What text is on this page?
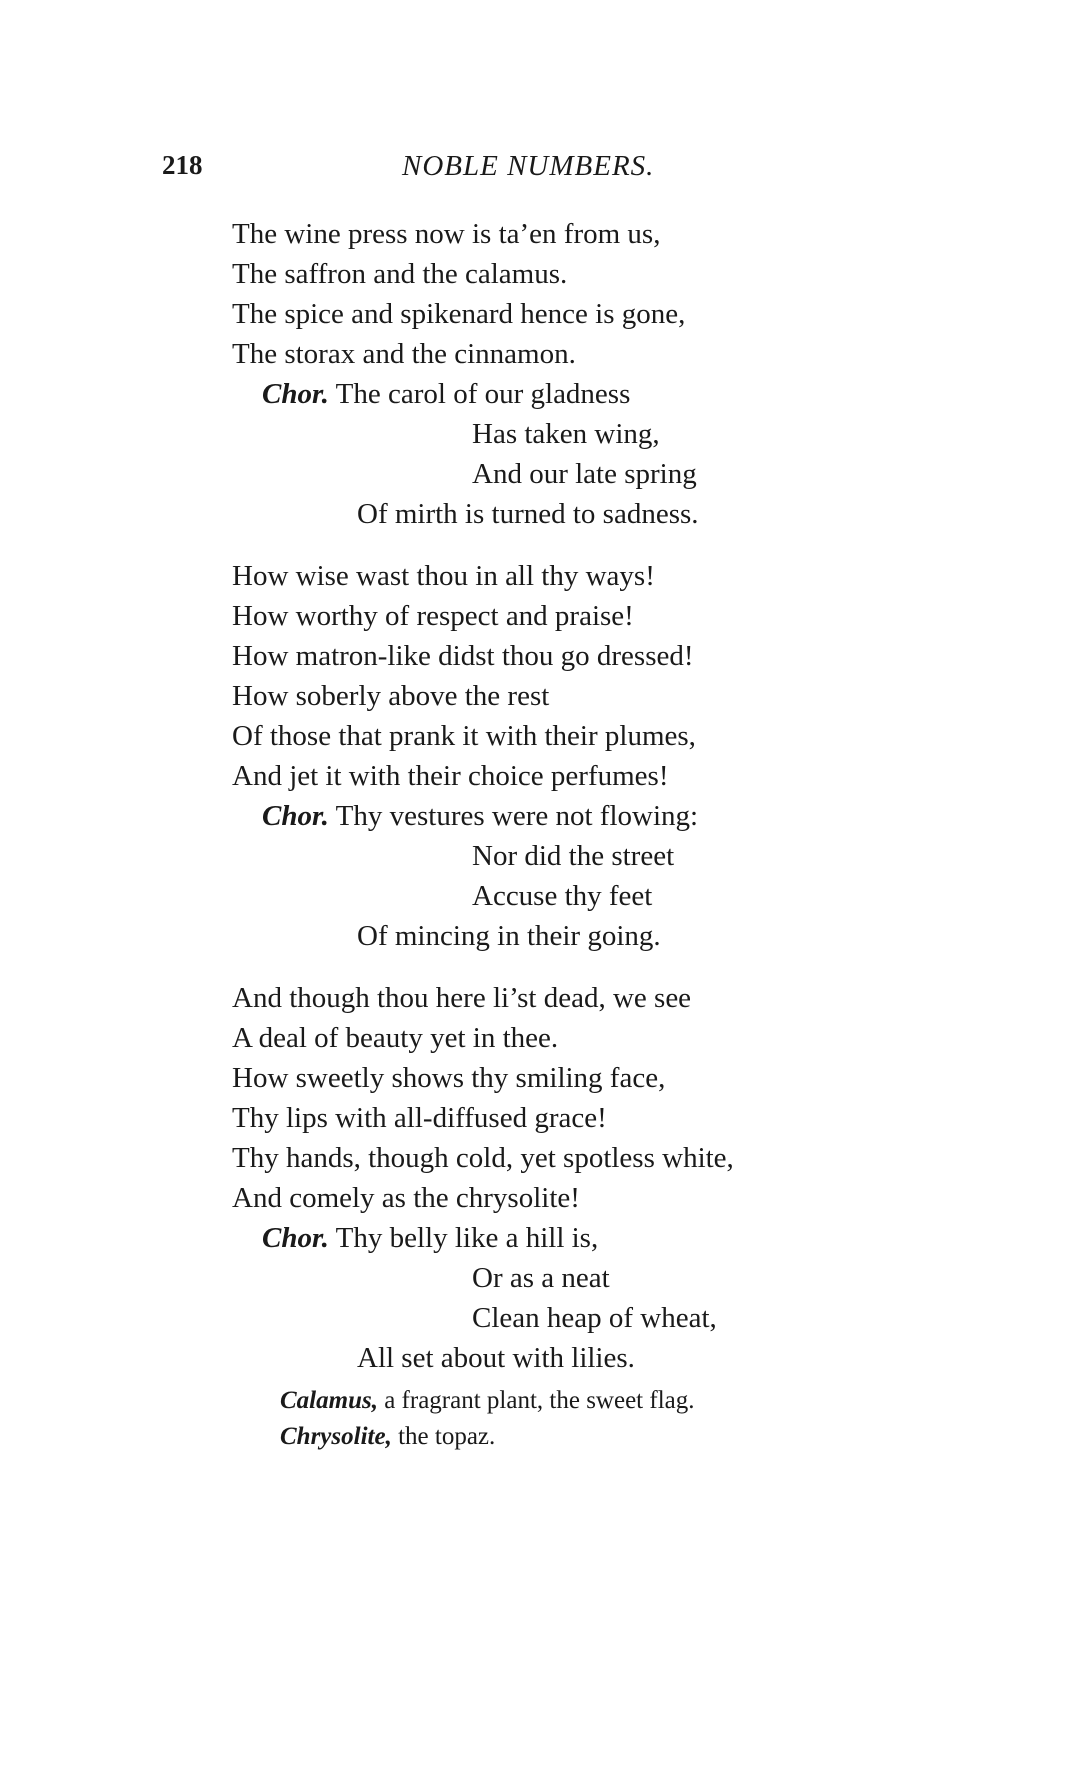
218	NOBLE NUMBERS.
The wine press now is ta’en from us,
The saffron and the calamus.
The spice and spikenard hence is gone,
The storax and the cinnamon.
Chor. The carol of our gladness
Has taken wing,
And our late spring
Of mirth is turned to sadness.
How wise wast thou in all thy ways!
How worthy of respect and praise!
How matron-like didst thou go dressed!
How soberly above the rest
Of those that prank it with their plumes,
And jet it with their choice perfumes!
Chor. Thy vestures were not flowing:
Nor did the street
Accuse thy feet
Of mincing in their going.
And though thou here li’st dead, we see
A deal of beauty yet in thee.
How sweetly shows thy smiling face,
Thy lips with all-diffused grace!
Thy hands, though cold, yet spotless white,
And comely as the chrysolite!
Chor. Thy belly like a hill is,
Or as a neat
Clean heap of wheat,
All set about with lilies.
Calamus, a fragrant plant, the sweet flag.
Chrysolite, the topaz.
